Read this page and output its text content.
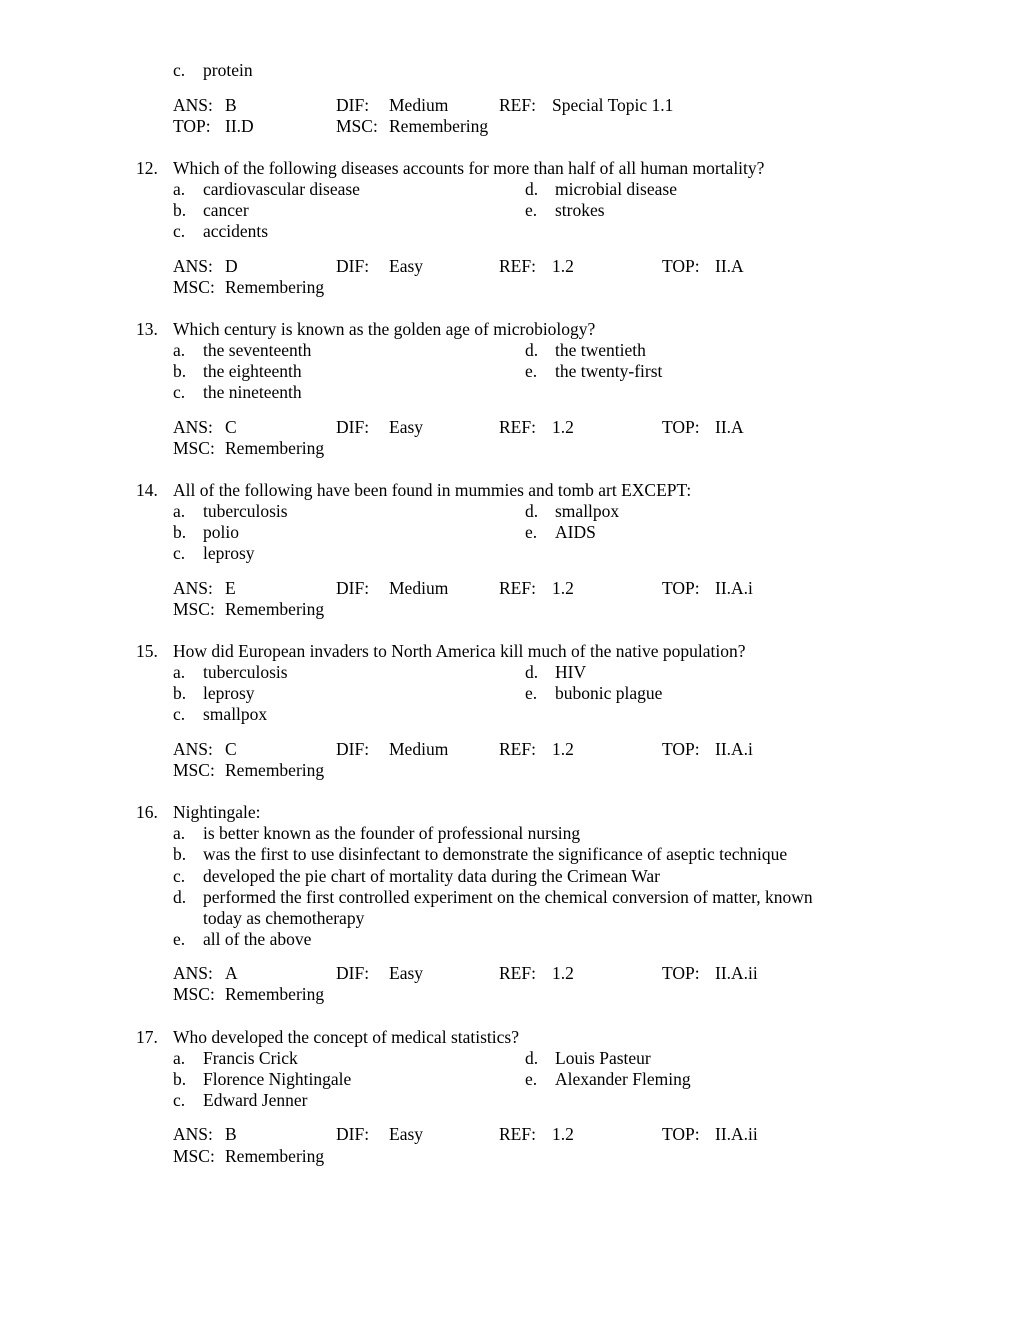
c. protein
ANS: B	DIF: Medium	REF: Special Topic 1.1
TOP: II.D	MSC: Remembering
12. Which of the following diseases accounts for more than half of all human mortality?
a. cardiovascular disease
b. cancer
c. accidents
d. microbial disease
e. strokes
ANS: D	DIF: Easy	REF: 1.2	TOP: II.A
MSC: Remembering
13. Which century is known as the golden age of microbiology?
a. the seventeenth
b. the eighteenth
c. the nineteenth
d. the twentieth
e. the twenty-first
ANS: C	DIF: Easy	REF: 1.2	TOP: II.A
MSC: Remembering
14. All of the following have been found in mummies and tomb art EXCEPT:
a. tuberculosis
b. polio
c. leprosy
d. smallpox
e. AIDS
ANS: E	DIF: Medium	REF: 1.2	TOP: II.A.i
MSC: Remembering
15. How did European invaders to North America kill much of the native population?
a. tuberculosis
b. leprosy
c. smallpox
d. HIV
e. bubonic plague
ANS: C	DIF: Medium	REF: 1.2	TOP: II.A.i
MSC: Remembering
16. Nightingale:
a. is better known as the founder of professional nursing
b. was the first to use disinfectant to demonstrate the significance of aseptic technique
c. developed the pie chart of mortality data during the Crimean War
d. performed the first controlled experiment on the chemical conversion of matter, known
today as chemotherapy
e. all of the above
ANS: A	DIF: Easy	REF: 1.2	TOP: II.A.ii
MSC: Remembering
17. Who developed the concept of medical statistics?
a. Francis Crick
b. Florence Nightingale
c. Edward Jenner
d. Louis Pasteur
e. Alexander Fleming
ANS: B	DIF: Easy	REF: 1.2	TOP: II.A.ii
MSC: Remembering
